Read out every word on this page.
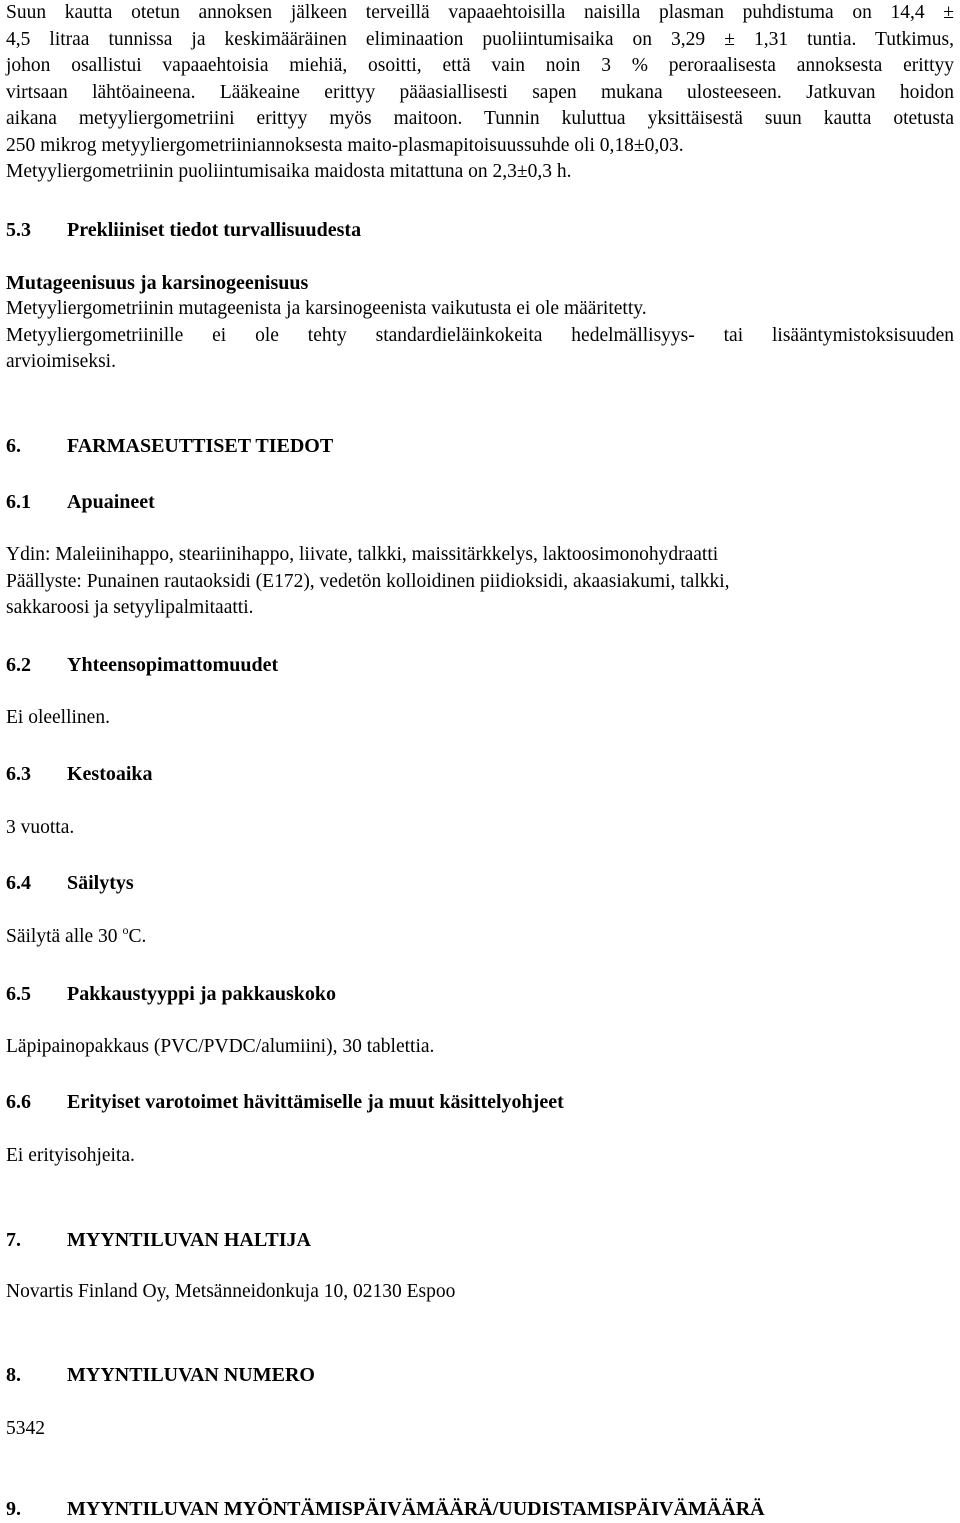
Suun kautta otetun annoksen jälkeen terveillä vapaaehtoisilla naisilla plasman puhdistuma on 14,4 ±
4,5 litraa tunnissa ja keskimääräinen eliminaation puoliintumisaika on 3,29 ± 1,31 tuntia. Tutkimus,
johon osallistui vapaaehtoisia miehiä, osoitti, että vain noin 3 % peroraalisesta annoksesta erittyy
virtsaan lähtöaineena. Lääkeaine erittyy pääasiallisesti sapen mukana ulosteeseen. Jatkuvan hoidon
aikana metyyliergometriini erittyy myös maitoon. Tunnin kuluttua yksittäisestä suun kautta otetusta
250 mikrog metyyliergometriiniannoksesta maito-plasmapitoisuussuhde oli 0,18±0,03.
Metyyliergometriinin puoliintumisaika maidosta mitattuna on 2,3±0,3 h.

5.3 Prekliiniset tiedot turvallisuudesta

Mutageenisuus ja karsinogeenisuus

Metyyliergometriinin mutageenista ja karsinogeenista vaikutusta ei ole määritetty.
Metyyliergometriinille ei ole tehty standardieläinkokeita hedelmällisyys- tai lisääntymistoksisuuden
arvioimiseksi.

6. FARMASEUTTISET TIEDOT

6.1 Apuaineet

Ydin: Maleiinihappo, steariinihappo, liivate, talkki, maissitärkkelys, laktoosimonohydraatti
Päällyste: Punainen rautaoksidi (E172), vedetön kolloidinen piidioksidi, akaasiakumi, talkki,
sakkaroosi ja setyylipalmitaatti.

6.2 Yhteensopimattomuudet

Ei oleellinen.

6.3 Kestoaika

3 vuotta.

6.4 Säilytys

Säilytä alle 30 $^o$C.

6.5 Pakkaustyyppi ja pakkauskoko

Läpipainopakkaus (PVC/PVDC/alumiini), 30 tablettia.

6.6 Erityiset varotoimet hävittämiselle ja muut käsittelyohjeet

Ei erityisohjeita.

7. MYYNTILUVAN HALTIJA

Novartis Finland Oy, Metsänneidonkuja 10, 02130 Espoo

8. MYYNTILUVAN NUMERO

5342

9. MYYNTILUVAN MYÖNTÄMISPÄIVÄMÄÄRÄ/UUDISTAMISPÄIVÄMÄÄRÄ
